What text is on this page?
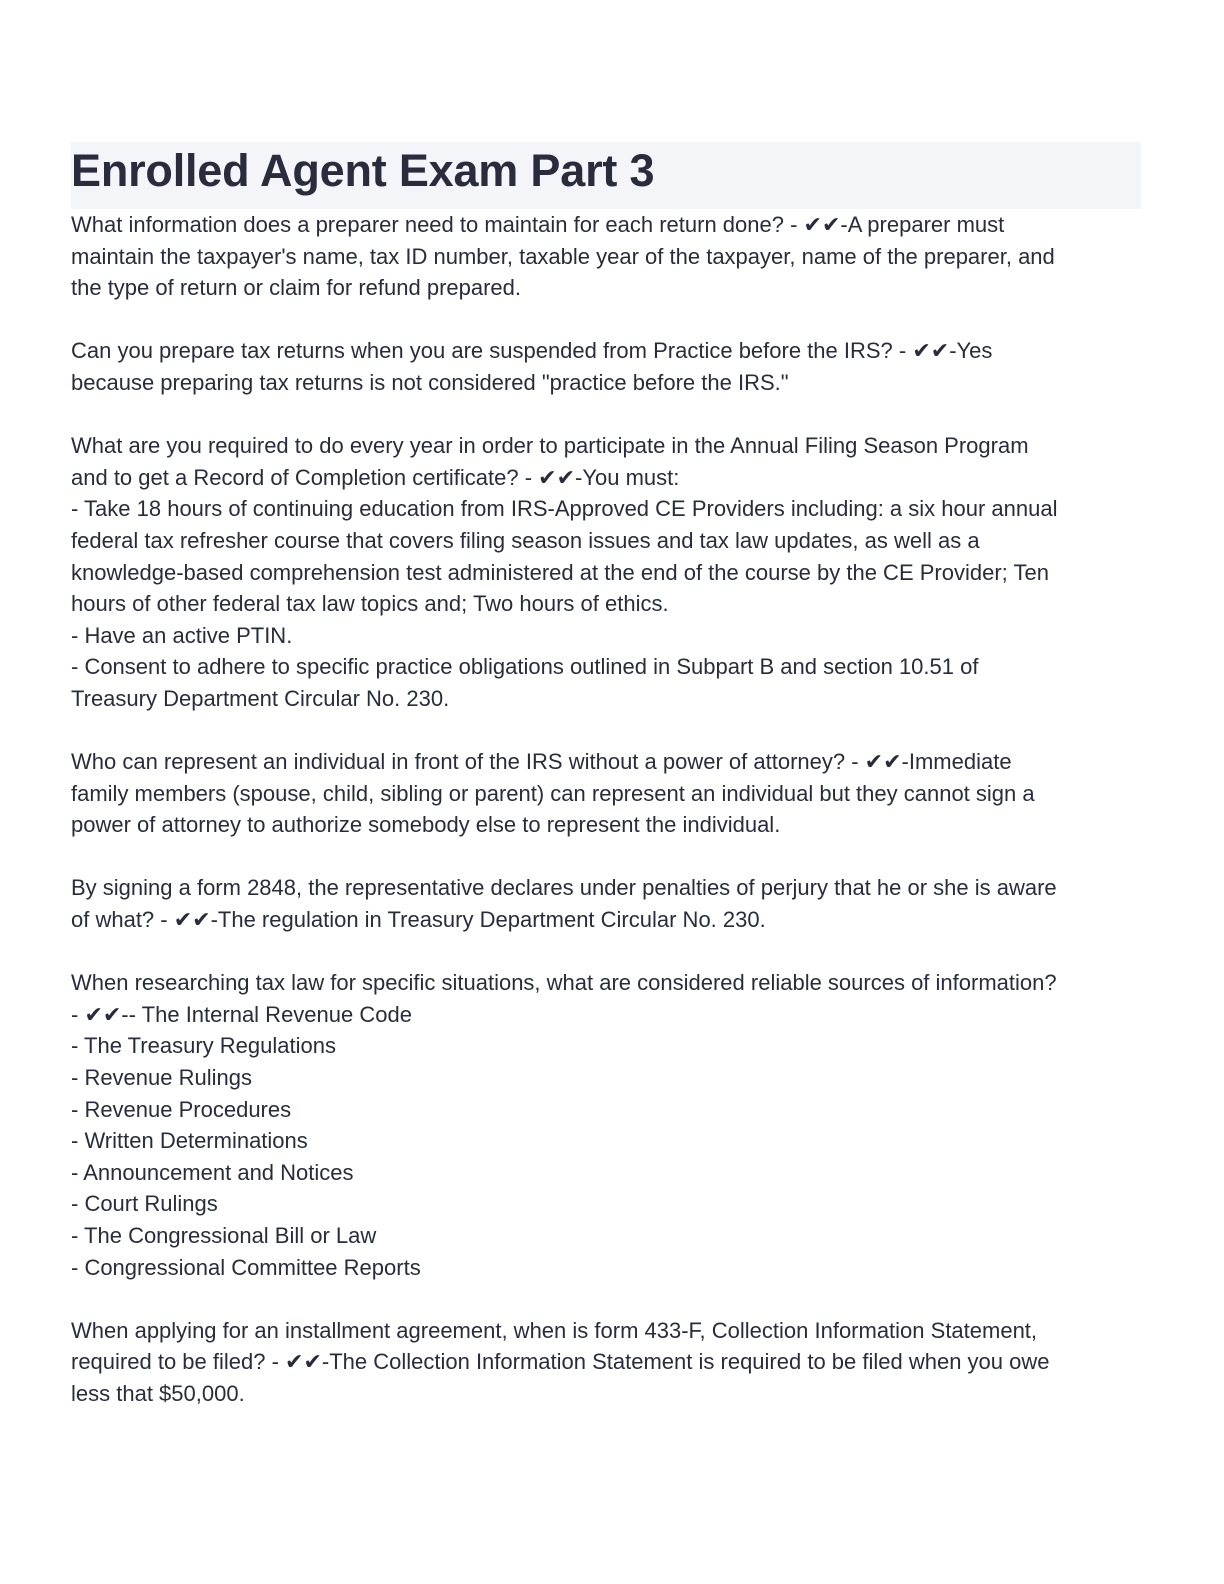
Enrolled Agent Exam Part 3
What information does a preparer need to maintain for each return done? - ✔✔-A preparer must
maintain the taxpayer's name, tax ID number, taxable year of the taxpayer, name of the preparer, and
the type of return or claim for refund prepared.
Can you prepare tax returns when you are suspended from Practice before the IRS? - ✔✔-Yes
because preparing tax returns is not considered "practice before the IRS."
What are you required to do every year in order to participate in the Annual Filing Season Program
and to get a Record of Completion certificate? - ✔✔-You must:
- Take 18 hours of continuing education from IRS-Approved CE Providers including: a six hour annual
federal tax refresher course that covers filing season issues and tax law updates, as well as a
knowledge-based comprehension test administered at the end of the course by the CE Provider; Ten
hours of other federal tax law topics and; Two hours of ethics.
- Have an active PTIN.
- Consent to adhere to specific practice obligations outlined in Subpart B and section 10.51 of
Treasury Department Circular No. 230.
Who can represent an individual in front of the IRS without a power of attorney? - ✔✔-Immediate
family members (spouse, child, sibling or parent) can represent an individual but they cannot sign a
power of attorney to authorize somebody else to represent the individual.
By signing a form 2848, the representative declares under penalties of perjury that he or she is aware
of what? - ✔✔-The regulation in Treasury Department Circular No. 230.
When researching tax law for specific situations, what are considered reliable sources of information?
- ✔✔-- The Internal Revenue Code
- The Treasury Regulations
- Revenue Rulings
- Revenue Procedures
- Written Determinations
- Announcement and Notices
- Court Rulings
- The Congressional Bill or Law
- Congressional Committee Reports
When applying for an installment agreement, when is form 433-F, Collection Information Statement,
required to be filed? - ✔✔-The Collection Information Statement is required to be filed when you owe
less that $50,000.
